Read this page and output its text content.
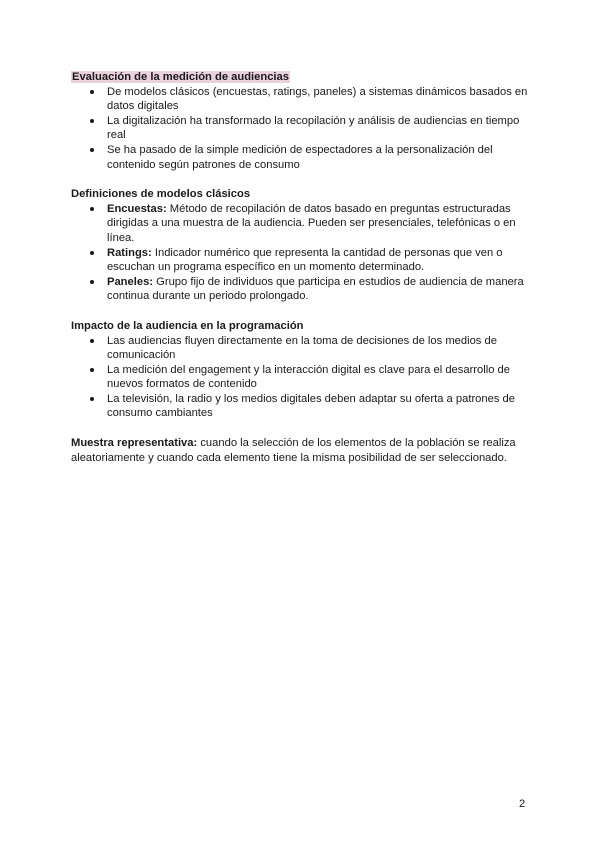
Evaluación de la medición de audiencias

De modelos clásicos (encuestas, ratings, paneles) a sistemas dinámicos basados en datos digitales
La digitalización ha transformado la recopilación y análisis de audiencias en tiempo real
Se ha pasado de la simple medición de espectadores a la personalización del contenido según patrones de consumo

Definiciones de modelos clásicos

Encuestas: Método de recopilación de datos basado en preguntas estructuradas dirigidas a una muestra de la audiencia. Pueden ser presenciales, telefónicas o en línea.
Ratings: Indicador numérico que representa la cantidad de personas que ven o escuchan un programa específico en un momento determinado.
Paneles: Grupo fijo de individuos que participa en estudios de audiencia de manera continua durante un periodo prolongado.

Impacto de la audiencia en la programación

Las audiencias fluyen directamente en la toma de decisiones de los medios de comunicación
La medición del engagement y la interacción digital es clave para el desarrollo de nuevos formatos de contenido
La televisión, la radio y los medios digitales deben adaptar su oferta a patrones de consumo cambiantes

Muestra representativa: cuando la selección de los elementos de la población se realiza aleatoriamente y cuando cada elemento tiene la misma posibilidad de ser seleccionado.

2
